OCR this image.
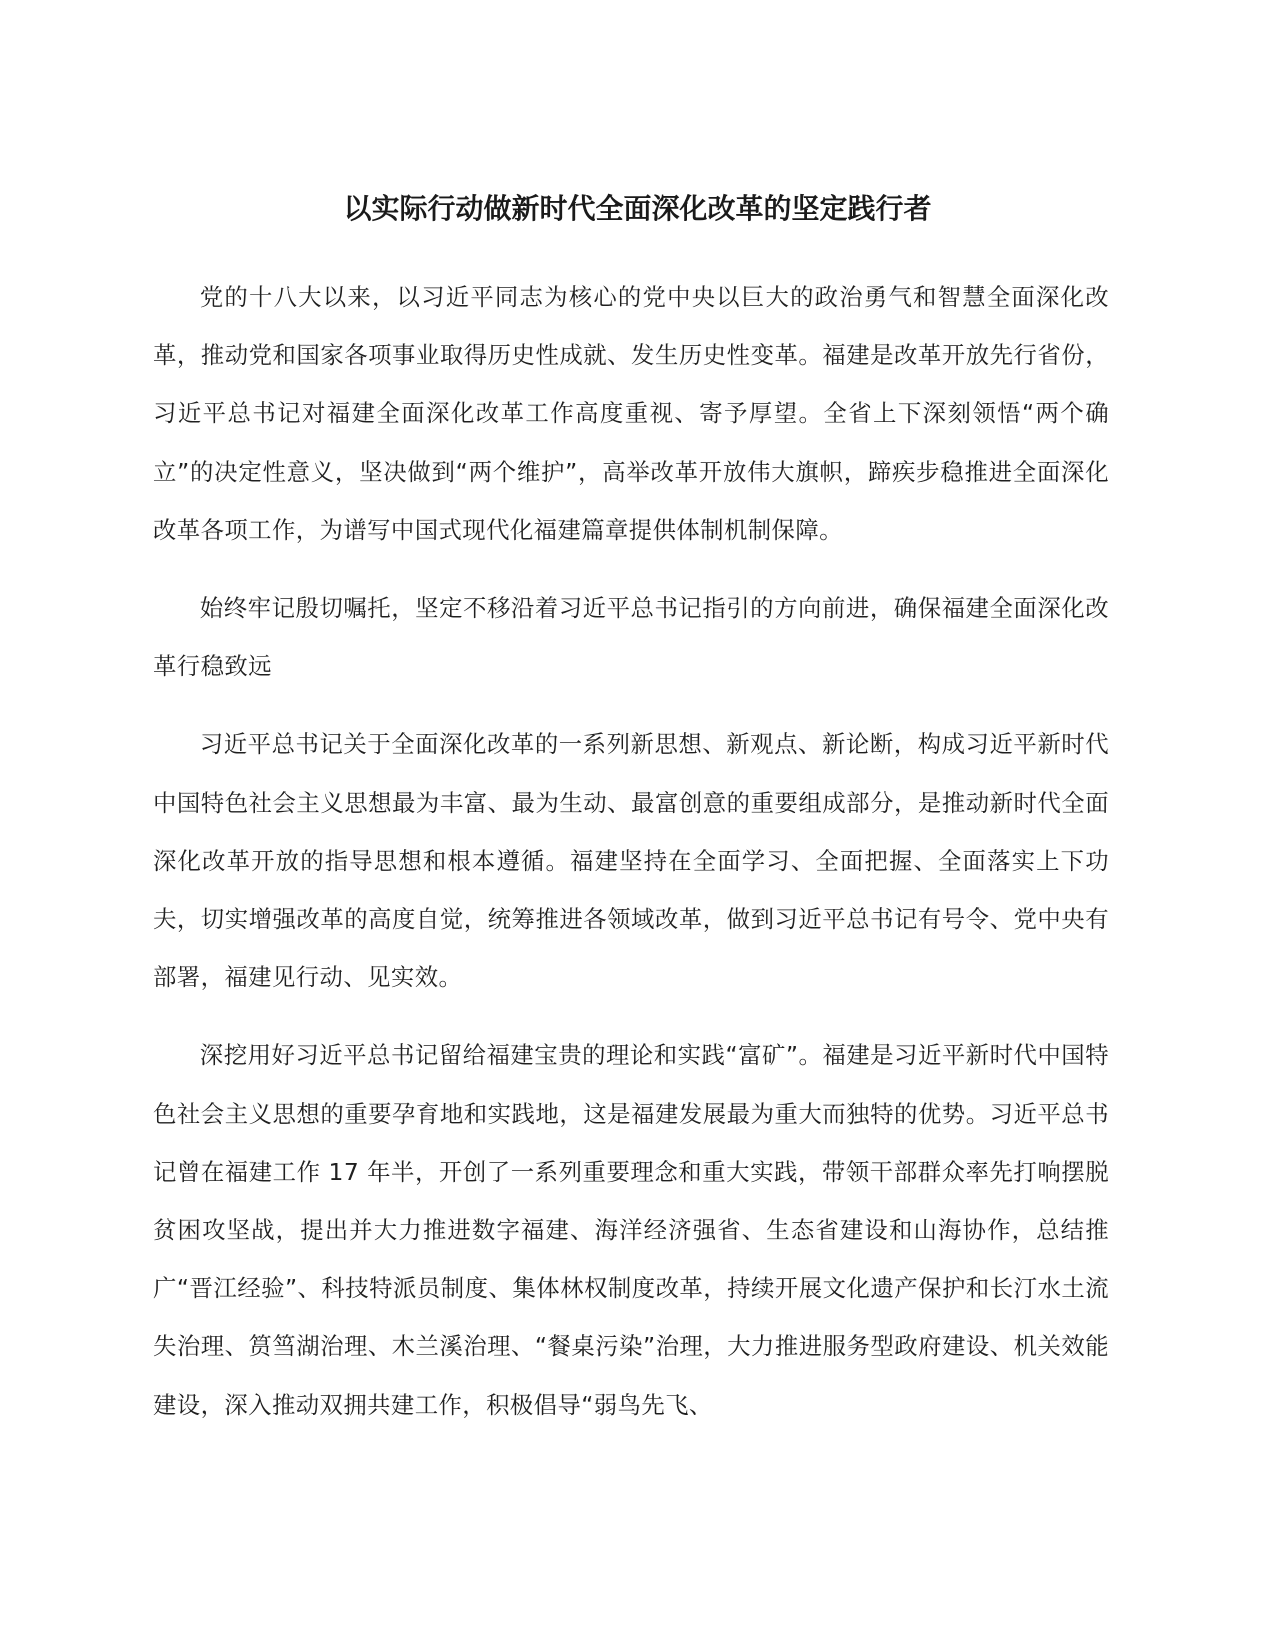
以实际行动做新时代全面深化改革的坚定践行者

党的十八大以来，以习近平同志为核心的党中央以巨大的政治勇气和智慧全面深化改革，推动党和国家各项事业取得历史性成就、发生历史性变革。福建是改革开放先行省份，习近平总书记对福建全面深化改革工作高度重视、寄予厚望。全省上下深刻领悟“两个确立”的决定性意义，坚决做到“两个维护”，高举改革开放伟大旗帜，蹄疾步稳推进全面深化改革各项工作，为谱写中国式现代化福建篇章提供体制机制保障。

始终牢记殷切嘱托，坚定不移沿着习近平总书记指引的方向前进，确保福建全面深化改革行稳致远

习近平总书记关于全面深化改革的一系列新思想、新观点、新论断，构成习近平新时代中国特色社会主义思想最为丰富、最为生动、最富创意的重要组成部分，是推动新时代全面深化改革开放的指导思想和根本遵循。福建坚持在全面学习、全面把握、全面落实上下功夫，切实增强改革的高度自觉，统筹推进各领域改革，做到习近平总书记有号令、党中央有部署，福建见行动、见实效。

深挖用好习近平总书记留给福建宝贵的理论和实践“富矿”。福建是习近平新时代中国特色社会主义思想的重要孕育地和实践地，这是福建发展最为重大而独特的优势。习近平总书记曾在福建工作 17 年半，开创了一系列重要理念和重大实践，带领干部群众率先打响摆脱贫困攻坚战，提出并大力推进数字福建、海洋经济强省、生态省建设和山海协作，总结推广“晋江经验”、科技特派员制度、集体林权制度改革，持续开展文化遗产保护和长汀水土流失治理、筼筜湖治理、木兰溪治理、“餐桌污染”治理，大力推进服务型政府建设、机关效能建设，深入推动双拥共建工作，积极倡导“弱鸟先飞、
